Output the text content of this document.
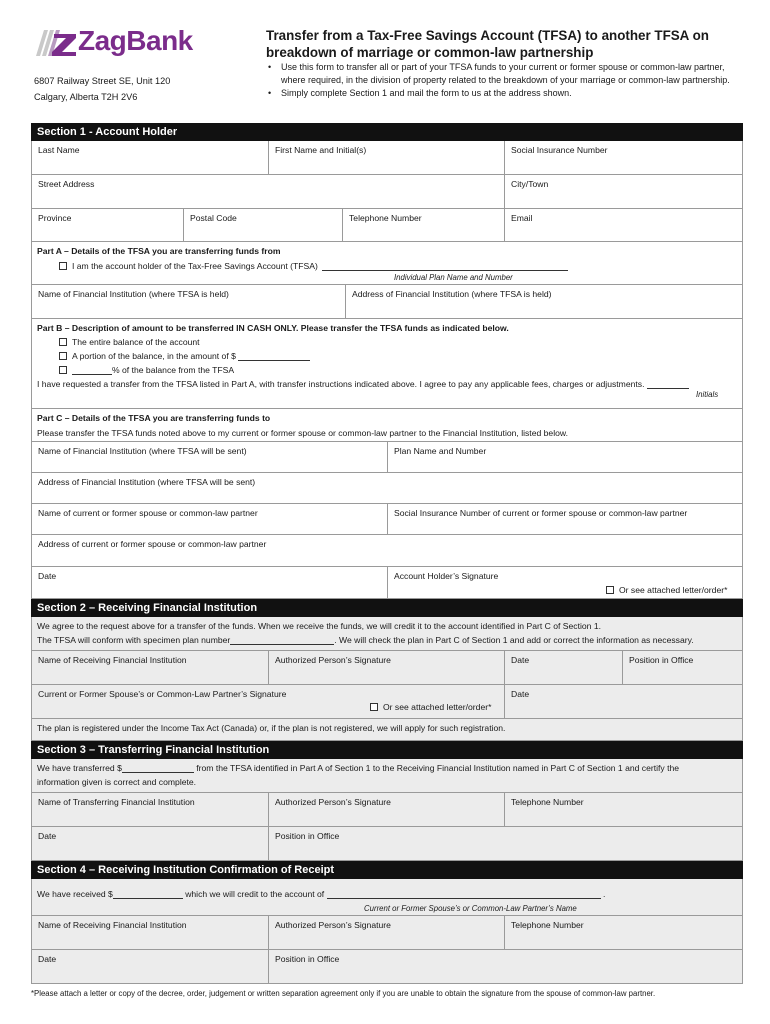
ZagBank
6807 Railway Street SE, Unit 120
Calgary, Alberta T2H 2V6
Transfer from a Tax-Free Savings Account (TFSA) to another TFSA on breakdown of marriage or common-law partnership
• Use this form to transfer all or part of your TFSA funds to your current or former spouse or common-law partner, where required, in the division of property related to the breakdown of your marriage or common-law partnership.
• Simply complete Section 1 and mail the form to us at the address shown.
Section 1 - Account Holder
Last Name	First Name and Initial(s)	Social Insurance Number
Street Address	City/Town
Province	Postal Code	Telephone Number	Email
Part A – Details of the TFSA you are transferring funds from
I am the account holder of the Tax-Free Savings Account (TFSA)
Individual Plan Name and Number
Name of Financial Institution (where TFSA is held)	Address of Financial Institution (where TFSA is held)
Part B – Description of amount to be transferred IN CASH ONLY. Please transfer the TFSA funds as indicated below.
The entire balance of the account
A portion of the balance, in the amount of $
% of the balance from the TFSA
I have requested a transfer from the TFSA listed in Part A, with transfer instructions indicated above. I agree to pay any applicable fees, charges or adjustments.
Initials
Part C – Details of the TFSA you are transferring funds to
Please transfer the TFSA funds noted above to my current or former spouse or common-law partner to the Financial Institution, listed below.
Name of Financial Institution (where TFSA will be sent)	Plan Name and Number
Address of Financial Institution (where TFSA will be sent)
Name of current or former spouse or common-law partner	Social Insurance Number of current or former spouse or common-law partner
Address of current or former spouse or common-law partner
Date	Account Holder’s Signature
Or see attached letter/order*
Section 2 – Receiving Financial Institution
We agree to the request above for a transfer of the funds. When we receive the funds, we will credit it to the account identified in Part C of Section 1.
The TFSA will conform with specimen plan number	. We will check the plan in Part C of Section 1 and add or correct the information as necessary.
Name of Receiving Financial Institution	Authorized Person’s Signature	Date	Position in Office
Current or Former Spouse’s or Common-Law Partner’s Signature	Date
Or see attached letter/order*
The plan is registered under the Income Tax Act (Canada) or, if the plan is not registered, we will apply for such registration.
Section 3 – Transferring Financial Institution
We have transferred $	from the TFSA identified in Part A of Section 1 to the Receiving Financial Institution named in Part C of Section 1 and certify the
information given is correct and complete.
Name of Transferring Financial Institution	Authorized Person’s Signature	Telephone Number
Date	Position in Office
Section 4 – Receiving Institution Confirmation of Receipt
We have received $	which we will credit to the account of	.
Current or Former Spouse’s or Common-Law Partner’s Name
Name of Receiving Financial Institution	Authorized Person’s Signature	Telephone Number
Date	Position in Office
*Please attach a letter or copy of the decree, order, judgement or written separation agreement only if you are unable to obtain the signature from the spouse of common-law partner.
